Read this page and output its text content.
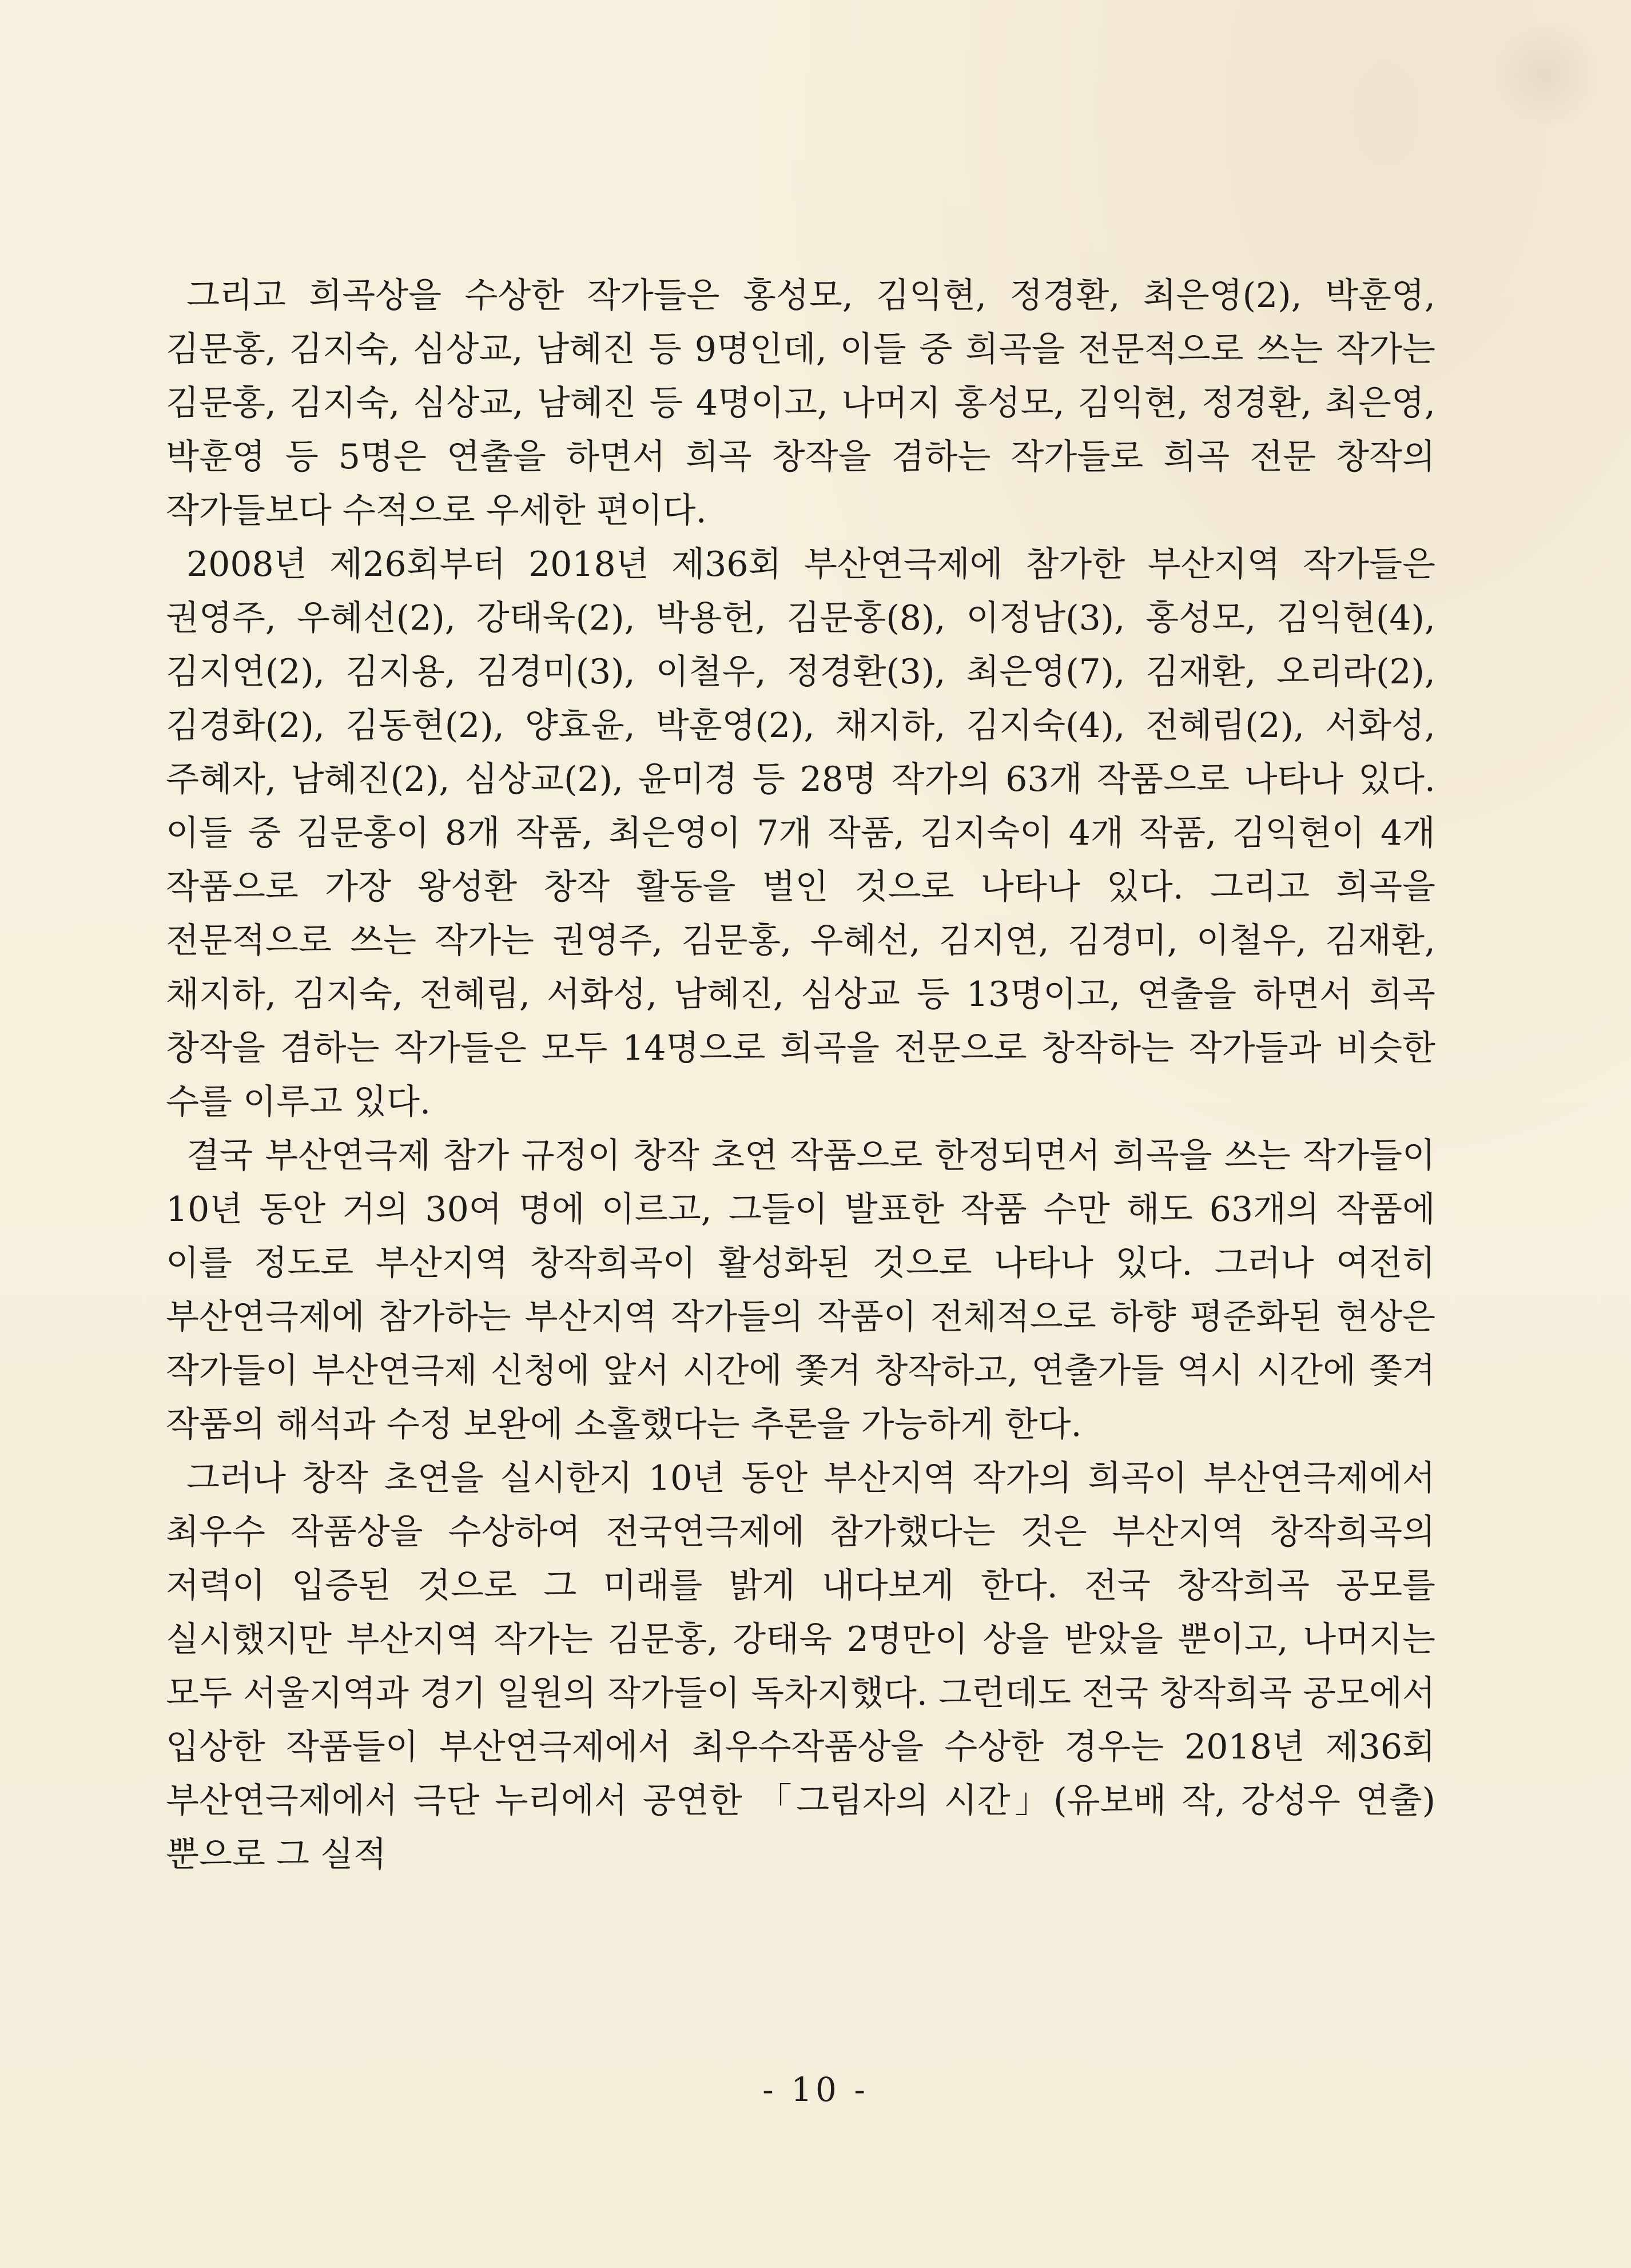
그리고 희곡상을 수상한 작가들은 홍성모, 김익현, 정경환, 최은영(2), 박훈영, 김문홍, 김지숙, 심상교, 남혜진 등 9명인데, 이들 중 희곡을 전문적으로 쓰는 작가는 김문홍, 김지숙, 심상교, 남혜진 등 4명이고, 나머지 홍성모, 김익현, 정경환, 최은영, 박훈영 등 5명은 연출을 하면서 희곡 창작을 겸하는 작가들로 희곡 전문 창작의 작가들보다 수적으로 우세한 편이다.

2008년 제26회부터 2018년 제36회 부산연극제에 참가한 부산지역 작가들은 권영주, 우혜선(2), 강태욱(2), 박용헌, 김문홍(8), 이정남(3), 홍성모, 김익현(4), 김지연(2), 김지용, 김경미(3), 이철우, 정경환(3), 최은영(7), 김재환, 오리라(2), 김경화(2), 김동현(2), 양효윤, 박훈영(2), 채지하, 김지숙(4), 전혜림(2), 서화성, 주혜자, 남혜진(2), 심상교(2), 윤미경 등 28명 작가의 63개 작품으로 나타나 있다. 이들 중 김문홍이 8개 작품, 최은영이 7개 작품, 김지숙이 4개 작품, 김익현이 4개 작품으로 가장 왕성환 창작 활동을 벌인 것으로 나타나 있다. 그리고 희곡을 전문적으로 쓰는 작가는 권영주, 김문홍, 우혜선, 김지연, 김경미, 이철우, 김재환, 채지하, 김지숙, 전혜림, 서화성, 남혜진, 심상교 등 13명이고, 연출을 하면서 희곡 창작을 겸하는 작가들은 모두 14명으로 희곡을 전문으로 창작하는 작가들과 비슷한 수를 이루고 있다.

결국 부산연극제 참가 규정이 창작 초연 작품으로 한정되면서 희곡을 쓰는 작가들이 10년 동안 거의 30여 명에 이르고, 그들이 발표한 작품 수만 해도 63개의 작품에 이를 정도로 부산지역 창작희곡이 활성화된 것으로 나타나 있다. 그러나 여전히 부산연극제에 참가하는 부산지역 작가들의 작품이 전체적으로 하향 평준화된 현상은 작가들이 부산연극제 신청에 앞서 시간에 쫓겨 창작하고, 연출가들 역시 시간에 쫓겨 작품의 해석과 수정 보완에 소홀했다는 추론을 가능하게 한다.

그러나 창작 초연을 실시한지 10년 동안 부산지역 작가의 희곡이 부산연극제에서 최우수 작품상을 수상하여 전국연극제에 참가했다는 것은 부산지역 창작희곡의 저력이 입증된 것으로 그 미래를 밝게 내다보게 한다. 전국 창작희곡 공모를 실시했지만 부산지역 작가는 김문홍, 강태욱 2명만이 상을 받았을 뿐이고, 나머지는 모두 서울지역과 경기 일원의 작가들이 독차지했다. 그런데도 전국 창작희곡 공모에서 입상한 작품들이 부산연극제에서 최우수작품상을 수상한 경우는 2018년 제36회 부산연극제에서 극단 누리에서 공연한 「그림자의 시간」(유보배 작, 강성우 연출)뿐으로 그 실적

- 10 -
